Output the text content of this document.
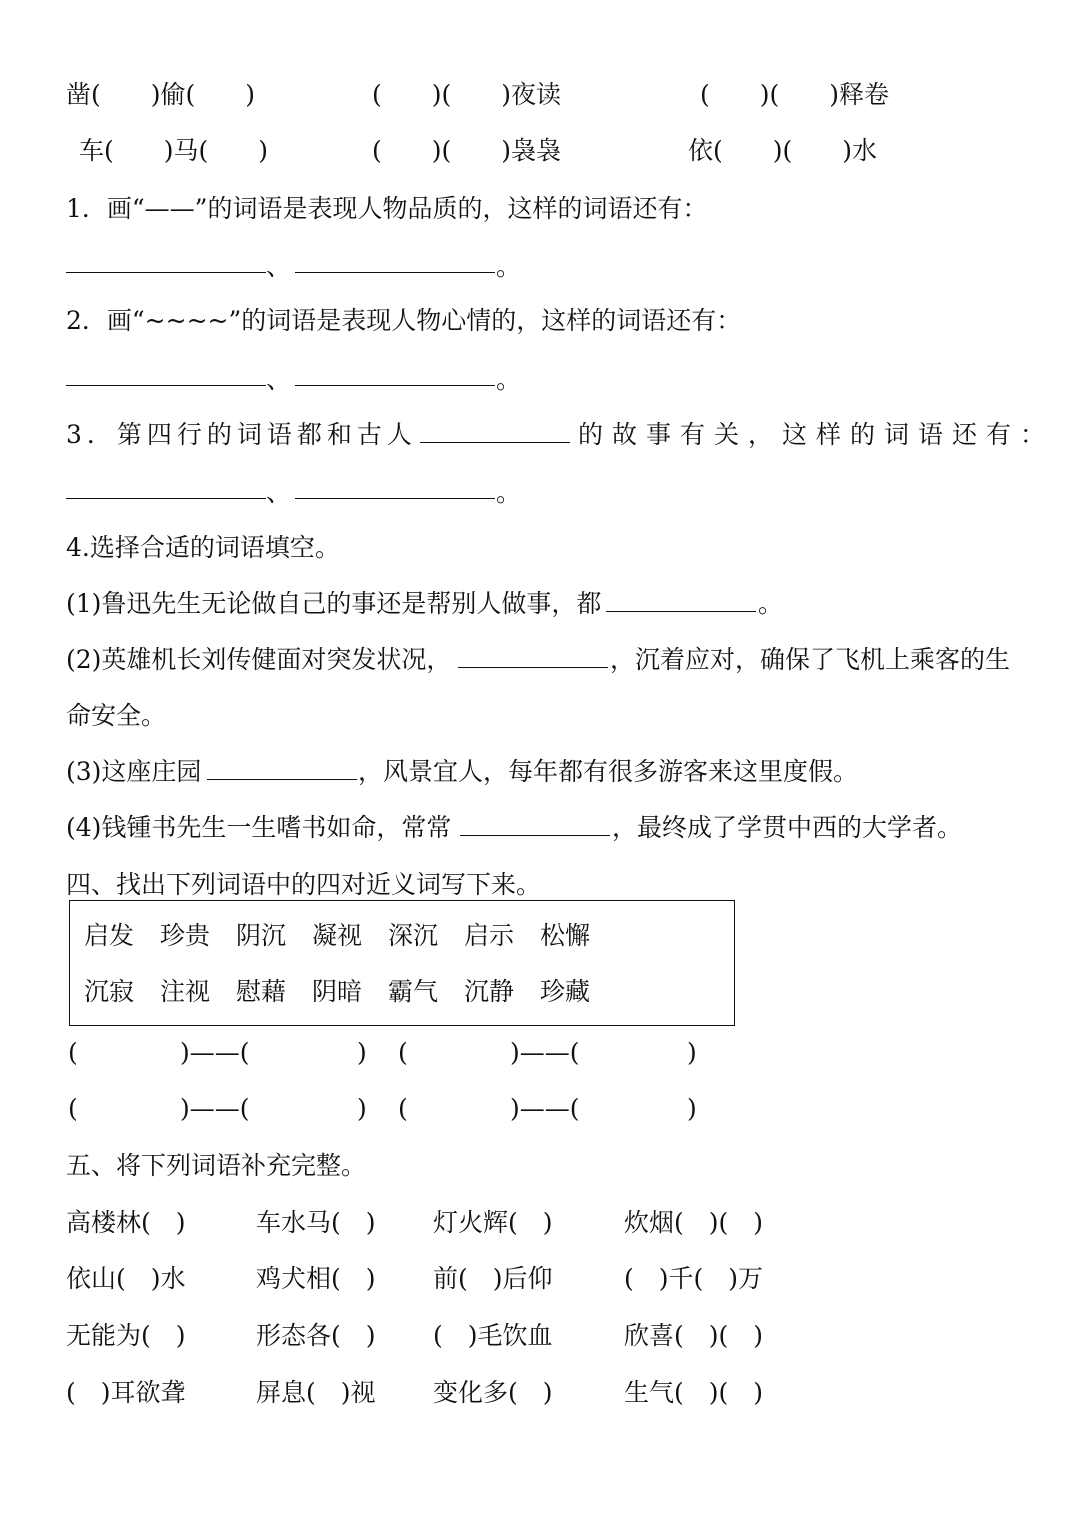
凿(　　)偷(　　)	(　　)(　　)夜读	(　　)(　　)释卷
车(　　)马(　　)	(　　)(　　)袅袅	依(　　)(　　)水
1．画“——”的词语是表现人物品质的，这样的词语还有：
、	。
2．画“~~~~”的词语是表现人物心情的，这样的词语还有：
、	。
3．第四行的词语都和古人	的故事有关，这样的词语还有：
、	。
4.选择合适的词语填空。
(1)鲁迅先生无论做自己的事还是帮别人做事，都	。
(2)英雄机长刘传健面对突发状况，	，沉着应对，确保了飞机上乘客的生
命安全。
(3)这座庄园	，风景宜人，每年都有很多游客来这里度假。
(4)钱锺书先生一生嗜书如命，常常	，最终成了学贯中西的大学者。
四、找出下列词语中的四对近义词写下来。
启发 珍贵 阴沉 凝视 深沉 启示 松懈
沉寂 注视 慰藉 阴暗 霸气 沉静 珍藏
(	)——(	) (	)——(	)
(	)——(	) (	)——(	)
五、将下列词语补充完整。
高楼林(　)	车水马(　) 灯火辉(　)	炊烟(　)(　)
依山(　)水	鸡犬相(　) 前(　)后仰	(　)千(　)万
无能为(　)	形态各(　) (　)毛饮血	欣喜(　)(　)
(　)耳欲聋	屏息(　)视 变化多(　)	生气(　)(　)
